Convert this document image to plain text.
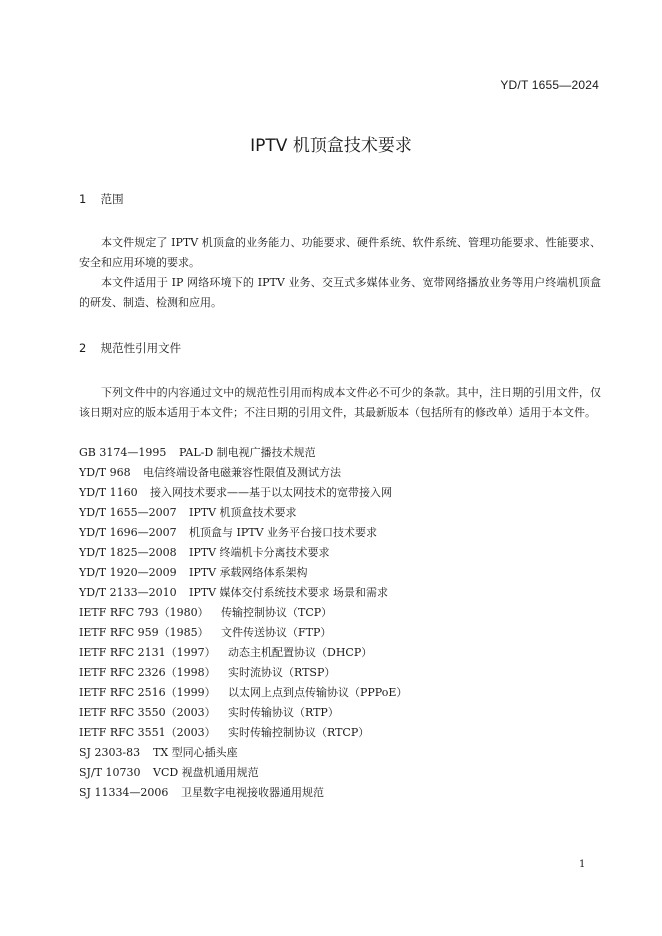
YD/T 1655—2024
IPTV 机顶盒技术要求
1 范围

本文件规定了 IPTV 机顶盒的业务能力、功能要求、硬件系统、软件系统、管理功能要求、性能要求、安全和应用环境的要求。

本文件适用于 IP 网络环境下的 IPTV 业务、交互式多媒体业务、宽带网络播放业务等用户终端机顶盒的研发、制造、检测和应用。

2 规范性引用文件

下列文件中的内容通过文中的规范性引用而构成本文件必不可少的条款。其中，注日期的引用文件，仅该日期对应的版本适用于本文件；不注日期的引用文件，其最新版本（包括所有的修改单）适用于本文件。

GB 3174—1995 PAL-D 制电视广播技术规范
YD/T 968 电信终端设备电磁兼容性限值及测试方法
YD/T 1160 接入网技术要求——基于以太网技术的宽带接入网
YD/T 1655—2007 IPTV 机顶盒技术要求
YD/T 1696—2007 机顶盒与 IPTV 业务平台接口技术要求
YD/T 1825—2008 IPTV 终端机卡分离技术要求
YD/T 1920—2009 IPTV 承载网络体系架构
YD/T 2133—2010 IPTV 媒体交付系统技术要求 场景和需求
IETF RFC 793（1980） 传输控制协议（TCP）
IETF RFC 959（1985） 文件传送协议（FTP）
IETF RFC 2131（1997） 动态主机配置协议（DHCP）
IETF RFC 2326（1998） 实时流协议（RTSP）
IETF RFC 2516（1999） 以太网上点到点传输协议（PPPoE）
IETF RFC 3550（2003） 实时传输协议（RTP）
IETF RFC 3551（2003） 实时传输控制协议（RTCP）
SJ 2303-83 TX 型同心插头座
SJ/T 10730 VCD 视盘机通用规范
SJ 11334—2006 卫星数字电视接收器通用规范
1
